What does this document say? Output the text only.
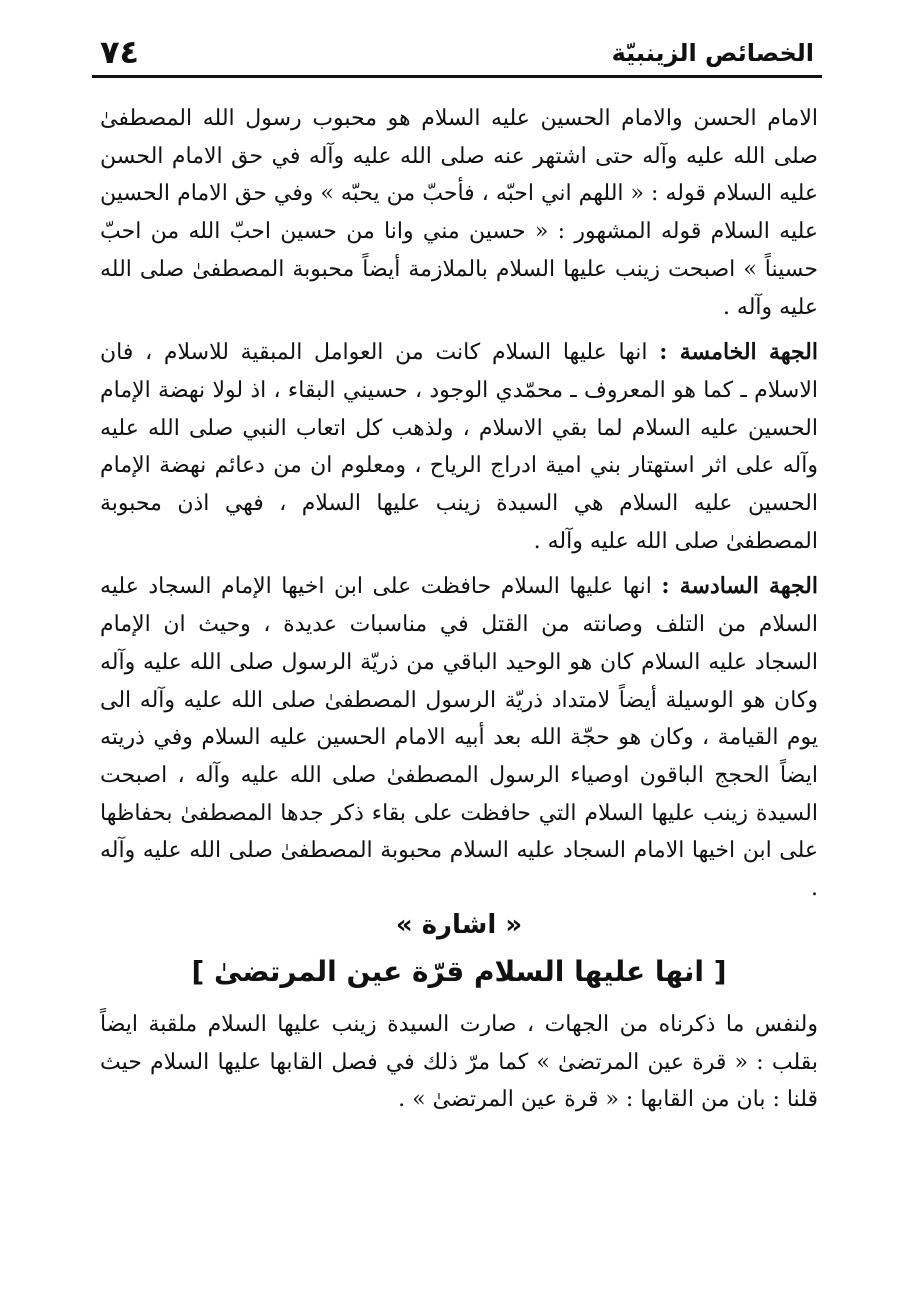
٧٤	الخصائص الزينبيّة

الامام الحسن والامام الحسين عليه السلام هو محبوب رسول الله المصطفىٰ صلى الله عليه وآله حتى اشتهر عنه صلى الله عليه وآله في حق الامام الحسن عليه السلام قوله : « اللهم اني احبّه ، فأحبّ من يحبّه » وفي حق الامام الحسين عليه السلام قوله المشهور : « حسين مني وانا من حسين احبّ الله من احبّ حسيناً » اصبحت زينب عليها السلام بالملازمة أيضاً محبوبة المصطفىٰ صلى الله عليه وآله .

الجهة الخامسة : انها عليها السلام كانت من العوامل المبقية للاسلام ، فان الاسلام ـ كما هو المعروف ـ محمّدي الوجود ، حسيني البقاء ، اذ لولا نهضة الإمام الحسين عليه السلام لما بقي الاسلام ، ولذهب كل اتعاب النبي صلى الله عليه وآله على اثر استهتار بني امية ادراج الرياح ، ومعلوم ان من دعائم نهضة الإمام الحسين عليه السلام هي السيدة زينب عليها السلام ، فهي اذن محبوبة المصطفىٰ صلى الله عليه وآله .

الجهة السادسة : انها عليها السلام حافظت على ابن اخيها الإمام السجاد عليه السلام من التلف وصانته من القتل في مناسبات عديدة ، وحيث ان الإمام السجاد عليه السلام كان هو الوحيد الباقي من ذريّة الرسول صلى الله عليه وآله وكان هو الوسيلة أيضاً لامتداد ذريّة الرسول المصطفىٰ صلى الله عليه وآله الى يوم القيامة ، وكان هو حجّة الله بعد أبيه الامام الحسين عليه السلام وفي ذريته ايضاً الحجج الباقون اوصياء الرسول المصطفىٰ صلى الله عليه وآله ، اصبحت السيدة زينب عليها السلام التي حافظت على بقاء ذكر جدها المصطفىٰ بحفاظها على ابن اخيها الامام السجاد عليه السلام محبوبة المصطفىٰ صلى الله عليه وآله .

« اشارة »

[ انها عليها السلام قرّة عين المرتضىٰ ]

ولنفس ما ذكرناه من الجهات ، صارت السيدة زينب عليها السلام ملقبة ايضاً بقلب : « قرة عين المرتضىٰ » كما مرّ ذلك في فصل القابها عليها السلام حيث قلنا : بان من القابها : « قرة عين المرتضىٰ » .
